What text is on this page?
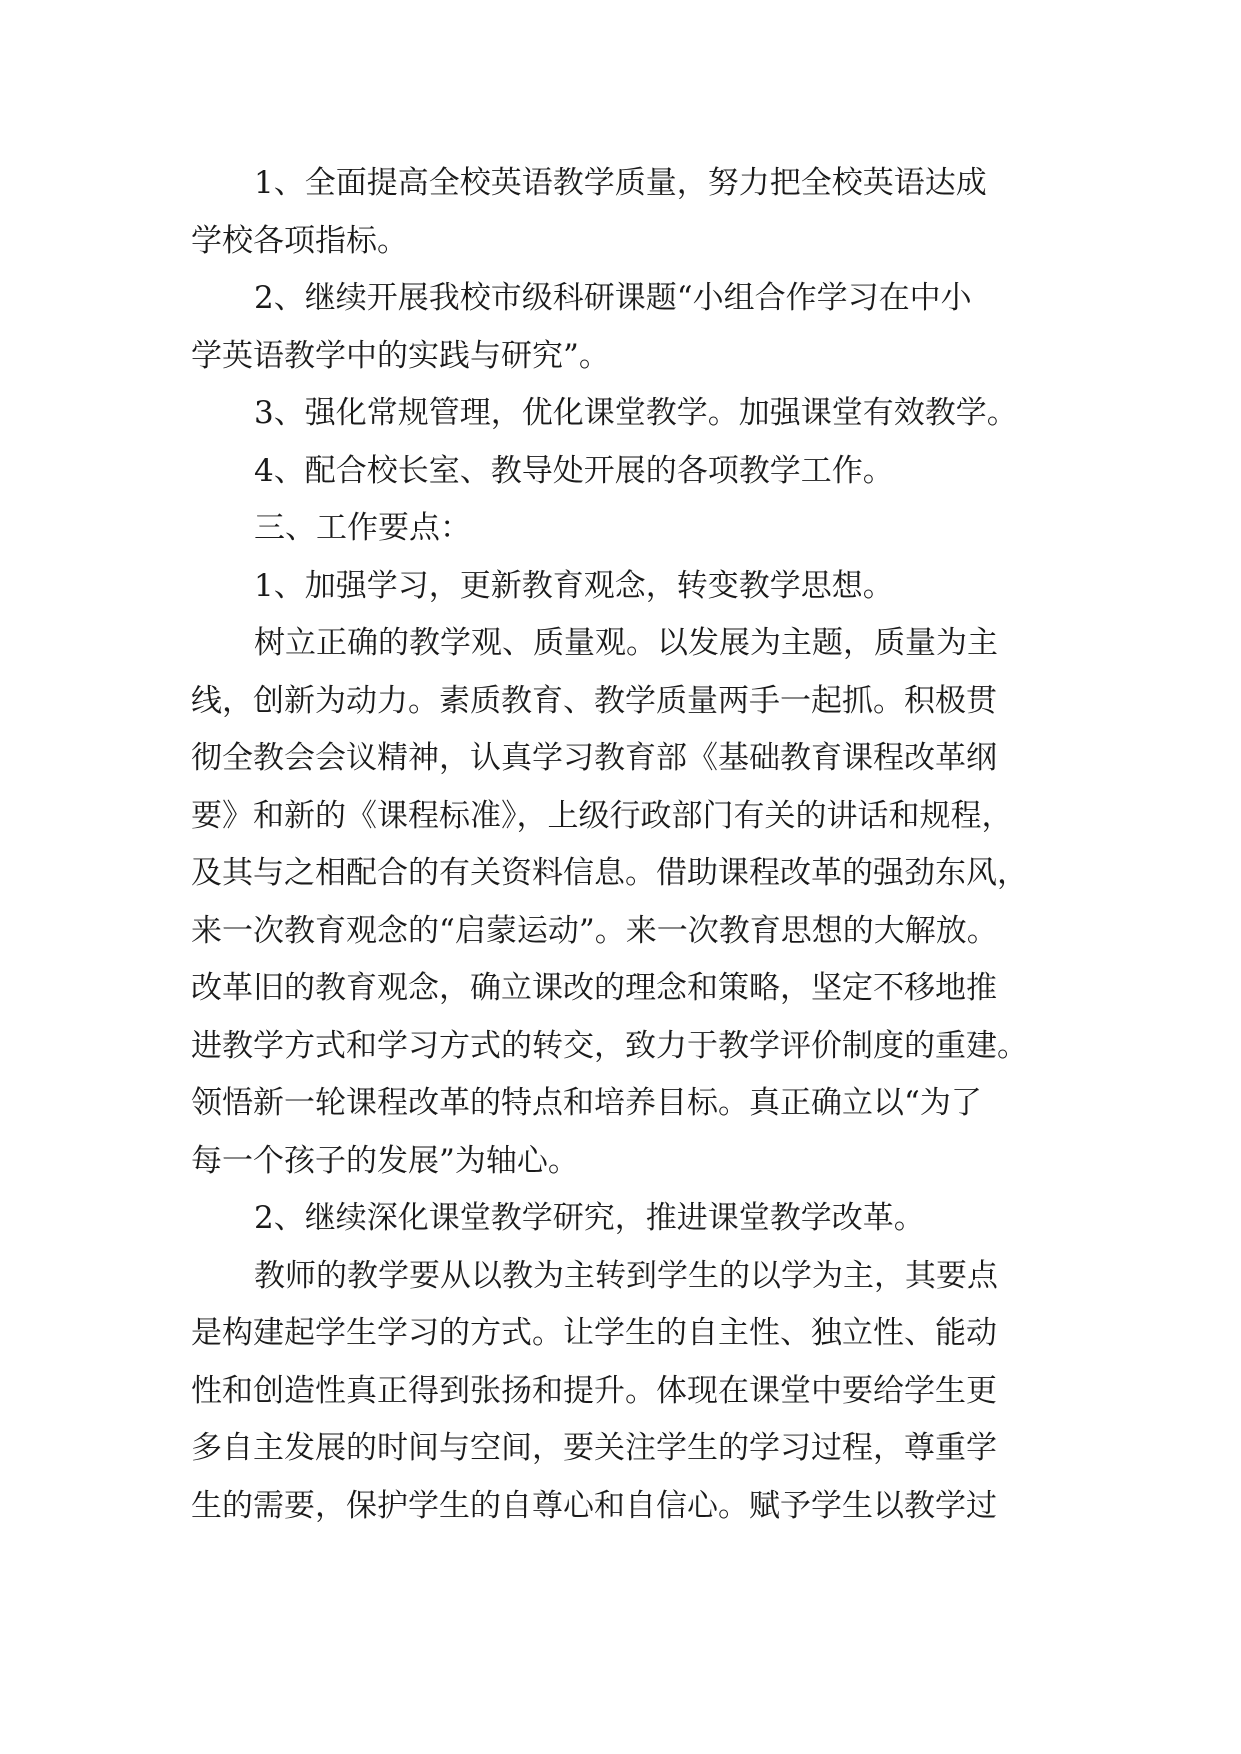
1、全面提高全校英语教学质量，努力把全校英语达成
学校各项指标。
2、继续开展我校市级科研课题“小组合作学习在中小
学英语教学中的实践与研究”。
3、强化常规管理，优化课堂教学。加强课堂有效教学。
4、配合校长室、教导处开展的各项教学工作。
三、工作要点：
1、加强学习，更新教育观念，转变教学思想。
树立正确的教学观、质量观。以发展为主题，质量为主
线，创新为动力。素质教育、教学质量两手一起抓。积极贯
彻全教会会议精神，认真学习教育部《基础教育课程改革纲
要》和新的《课程标准》，上级行政部门有关的讲话和规程，
及其与之相配合的有关资料信息。借助课程改革的强劲东风，
来一次教育观念的“启蒙运动”。来一次教育思想的大解放。
改革旧的教育观念，确立课改的理念和策略，坚定不移地推
进教学方式和学习方式的转交，致力于教学评价制度的重建。
领悟新一轮课程改革的特点和培养目标。真正确立以“为了
每一个孩子的发展”为轴心。
2、继续深化课堂教学研究，推进课堂教学改革。
教师的教学要从以教为主转到学生的以学为主，其要点
是构建起学生学习的方式。让学生的自主性、独立性、能动
性和创造性真正得到张扬和提升。体现在课堂中要给学生更
多自主发展的时间与空间，要关注学生的学习过程，尊重学
生的需要，保护学生的自尊心和自信心。赋予学生以教学过
